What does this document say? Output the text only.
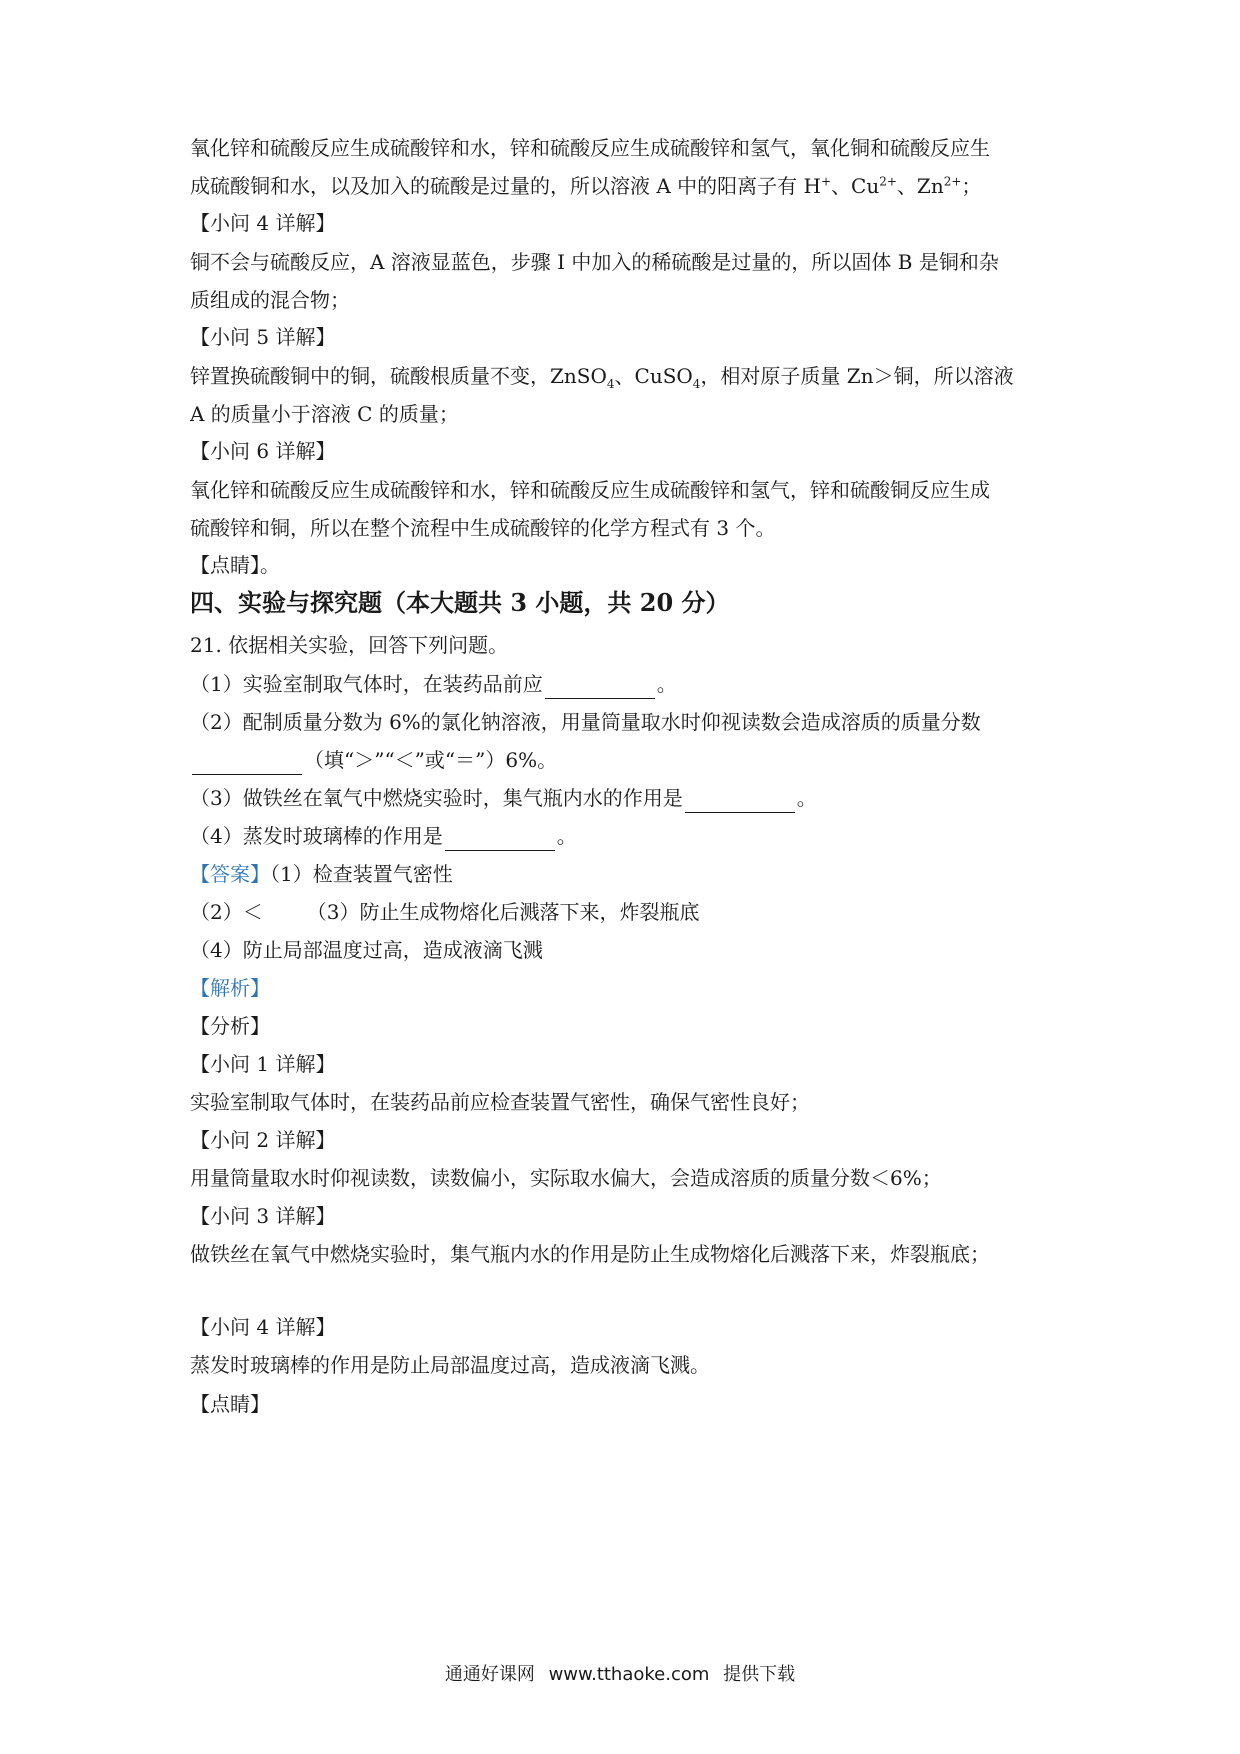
氧化锌和硫酸反应生成硫酸锌和水，锌和硫酸反应生成硫酸锌和氢气，氧化铜和硫酸反应生
成硫酸铜和水，以及加入的硫酸是过量的，所以溶液 A 中的阳离子有 H+、$Cu^{2+}$、$Zn^{2+}$；
【小问 4 详解】
铜不会与硫酸反应，A 溶液显蓝色，步骤 I 中加入的稀硫酸是过量的，所以固体 B 是铜和杂
质组成的混合物；
【小问 5 详解】
锌置换硫酸铜中的铜，硫酸根质量不变，ZnSO$_4$、CuSO$_4$，相对原子质量 Zn＞铜，所以溶液
A 的质量小于溶液 C 的质量；
【小问 6 详解】
氧化锌和硫酸反应生成硫酸锌和水，锌和硫酸反应生成硫酸锌和氢气，锌和硫酸铜反应生成
硫酸锌和铜，所以在整个流程中生成硫酸锌的化学方程式有 3 个。
【点睛】。
四、实验与探究题（本大题共 3 小题，共 20 分）
21. 依据相关实验，回答下列问题。
（1）实验室制取气体时，在装药品前应	。
（2）配制质量分数为 6%的氯化钠溶液，用量筒量取水时仰视读数会造成溶质的质量分数
（填“＞”“＜”或“＝”）6%。
（3）做铁丝在氧气中燃烧实验时，集气瓶内水的作用是	。
（4）蒸发时玻璃棒的作用是	。
【答案】（1）检查装置气密性
（2）＜ （3）防止生成物熔化后溅落下来，炸裂瓶底
（4）防止局部温度过高，造成液滴飞溅
【解析】
【分析】
【小问 1 详解】
实验室制取气体时，在装药品前应检查装置气密性，确保气密性良好；
【小问 2 详解】
用量筒量取水时仰视读数，读数偏小，实际取水偏大，会造成溶质的质量分数＜6%；
【小问 3 详解】
做铁丝在氧气中燃烧实验时，集气瓶内水的作用是防止生成物熔化后溅落下来，炸裂瓶底；
【小问 4 详解】
蒸发时玻璃棒的作用是防止局部温度过高，造成液滴飞溅。
【点睛】
通通好课网 www.tthaoke.com 提供下载
